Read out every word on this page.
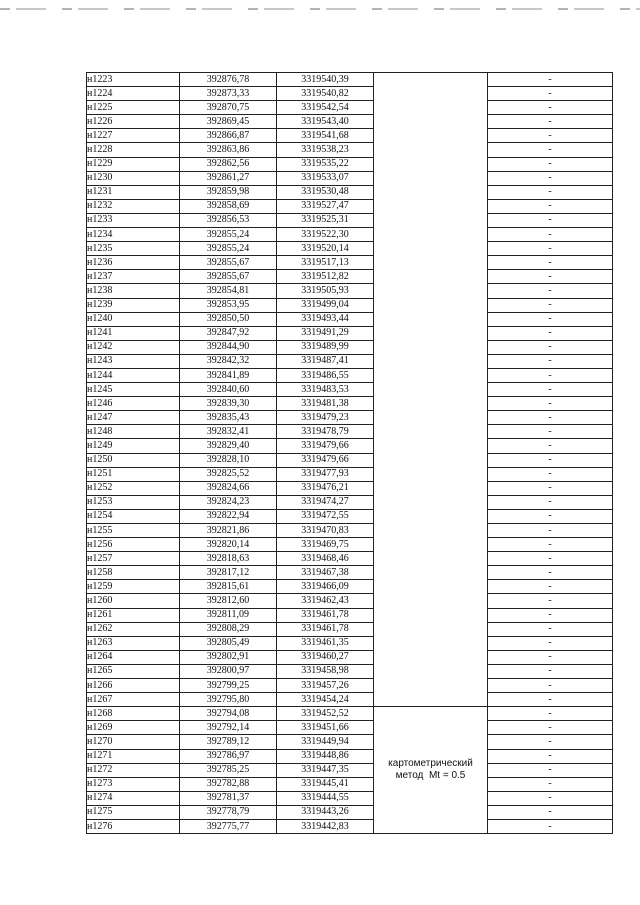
н1223	392876,78	3319540,39		-
н1224	392873,33	3319540,82		-
н1225	392870,75	3319542,54		-
н1226	392869,45	3319543,40		-
н1227	392866,87	3319541,68		-
н1228	392863,86	3319538,23		-
н1229	392862,56	3319535,22		-
н1230	392861,27	3319533,07		-
н1231	392859,98	3319530,48		-
н1232	392858,69	3319527,47		-
н1233	392856,53	3319525,31		-
н1234	392855,24	3319522,30		-
н1235	392855,24	3319520,14		-
н1236	392855,67	3319517,13		-
н1237	392855,67	3319512,82		-
н1238	392854,81	3319505,93		-
н1239	392853,95	3319499,04		-
н1240	392850,50	3319493,44		-
н1241	392847,92	3319491,29		-
н1242	392844,90	3319489,99		-
н1243	392842,32	3319487,41		-
н1244	392841,89	3319486,55		-
н1245	392840,60	3319483,53		-
н1246	392839,30	3319481,38		-
н1247	392835,43	3319479,23		-
н1248	392832,41	3319478,79		-
н1249	392829,40	3319479,66		-
н1250	392828,10	3319479,66		-
н1251	392825,52	3319477,93		-
н1252	392824,66	3319476,21		-
н1253	392824,23	3319474,27		-
н1254	392822,94	3319472,55		-
н1255	392821,86	3319470,83		-
н1256	392820,14	3319469,75		-
н1257	392818,63	3319468,46		-
н1258	392817,12	3319467,38		-
н1259	392815,61	3319466,09		-
н1260	392812,60	3319462,43		-
н1261	392811,09	3319461,78		-
н1262	392808,29	3319461,78		-
н1263	392805,49	3319461,35		-
н1264	392802,91	3319460,27		-
н1265	392800,97	3319458,98		-
н1266	392799,25	3319457,26		-
н1267	392795,80	3319454,24		-
н1268	392794,08	3319452,52	картометрический
метод  Mt = 0.5	-
н1269	392792,14	3319451,66		-
н1270	392789,12	3319449,94		-
н1271	392786,97	3319448,86		-
н1272	392785,25	3319447,35		-
н1273	392782,88	3319445,41		-
н1274	392781,37	3319444,55		-
н1275	392778,79	3319443,26		-
н1276	392775,77	3319442,83		-
